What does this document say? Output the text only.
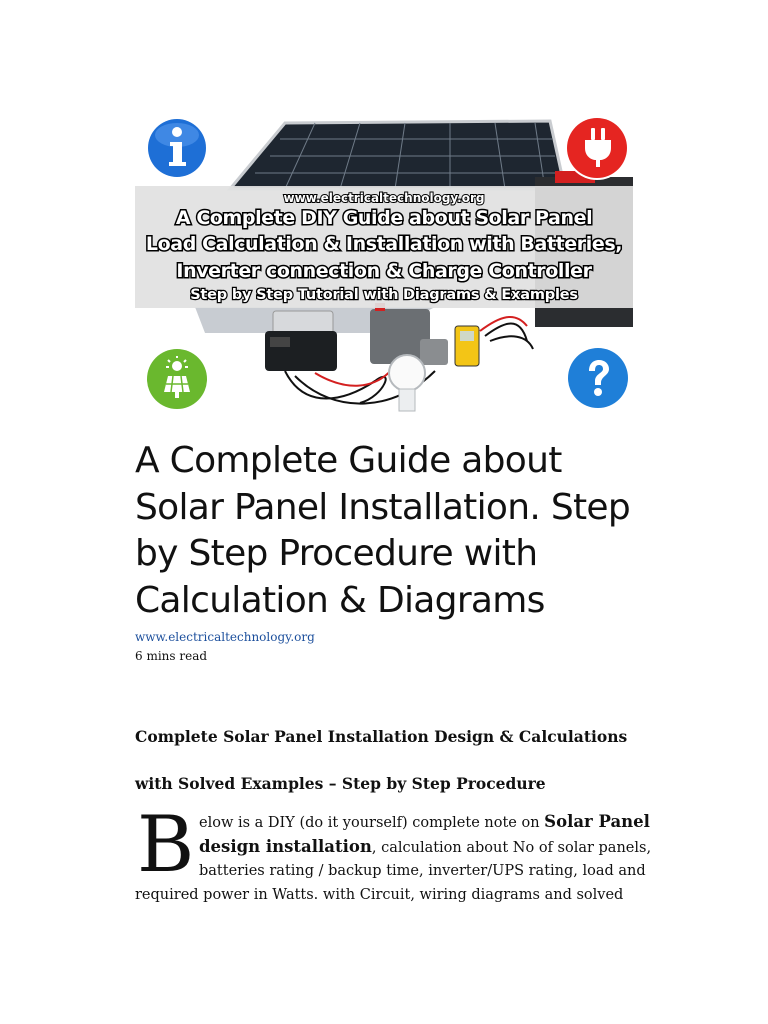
www.electricaltechnology.org
A Complete DIY Guide about Solar Panel
Load Calculation & Installation with Batteries,
Inverter connection & Charge Controller
Step by Step Tutorial with Diagrams & Examples
A Complete Guide about Solar Panel Installation. Step by Step Procedure with Calculation & Diagrams
www.electricaltechnology.org
6 mins read
Complete Solar Panel Installation Design & Calculations with Solved Examples – Step by Step Procedure
B elow is a DIY (do it yourself) complete note on Solar Panel
design installation, calculation about No of solar panels,
batteries rating / backup time, inverter/UPS rating, load and
required power in Watts. with Circuit, wiring diagrams and solved
